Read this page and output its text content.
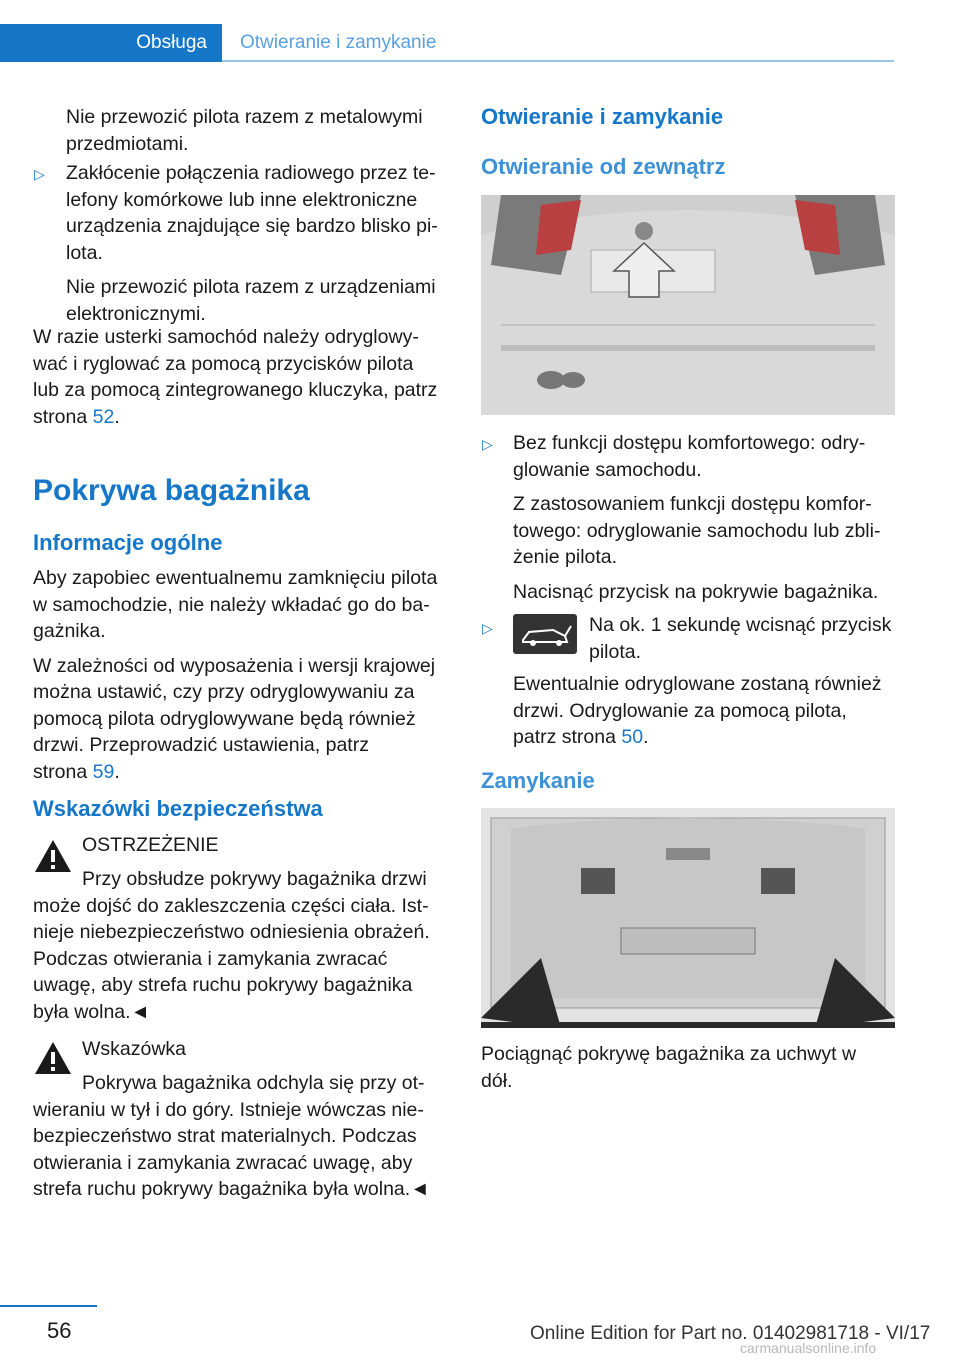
Obsługa	Otwieranie i zamykanie
Nie przewozić pilota razem z metalowymi przedmiotami.
▷ Zakłócenie połączenia radiowego przez te-
lefony komórkowe lub inne elektroniczne
urządzenia znajdujące się bardzo blisko pi-
lota.
Nie przewozić pilota razem z urządzeniami
elektronicznymi.
W razie usterki samochód należy odryglowy-
wać i ryglować za pomocą przycisków pilota
lub za pomocą zintegrowanego kluczyka, patrz
strona 52.
Pokrywa bagażnika
Informacje ogólne
Aby zapobiec ewentualnemu zamknięciu pilota
w samochodzie, nie należy wkładać go do ba-
gażnika.
W zależności od wyposażenia i wersji krajowej
można ustawić, czy przy odryglowywaniu za
pomocą pilota odryglowywane będą również
drzwi. Przeprowadzić ustawienia, patrz
strona 59.
Wskazówki bezpieczeństwa
OSTRZEŻENIE
Przy obsłudze pokrywy bagażnika drzwi
może dojść do zakleszczenia części ciała. Ist-
nieje niebezpieczeństwo odniesienia obrażeń.
Podczas otwierania i zamykania zwracać
uwagę, aby strefa ruchu pokrywy bagażnika
była wolna.◄
Wskazówka
Pokrywa bagażnika odchyla się przy ot-
wieraniu w tył i do góry. Istnieje wówczas nie-
bezpieczeństwo strat materialnych. Podczas
otwierania i zamykania zwracać uwagę, aby
strefa ruchu pokrywy bagażnika była wolna.◄
Otwieranie i zamykanie
Otwieranie od zewnątrz
▷ Bez funkcji dostępu komfortowego: odry-
glowanie samochodu.
Z zastosowaniem funkcji dostępu komfor-
towego: odryglowanie samochodu lub zbli-
żenie pilota.
Nacisnąć przycisk na pokrywie bagażnika.
▷	Na ok. 1 sekundę wcisnąć przycisk
pilota.
Ewentualnie odryglowane zostaną również
drzwi. Odryglowanie za pomocą pilota,
patrz strona 50.
Zamykanie
Pociągnąć pokrywę bagażnika za uchwyt w
dół.
56	Online Edition for Part no. 01402981718 - VI/17
carmanualsonline.info
